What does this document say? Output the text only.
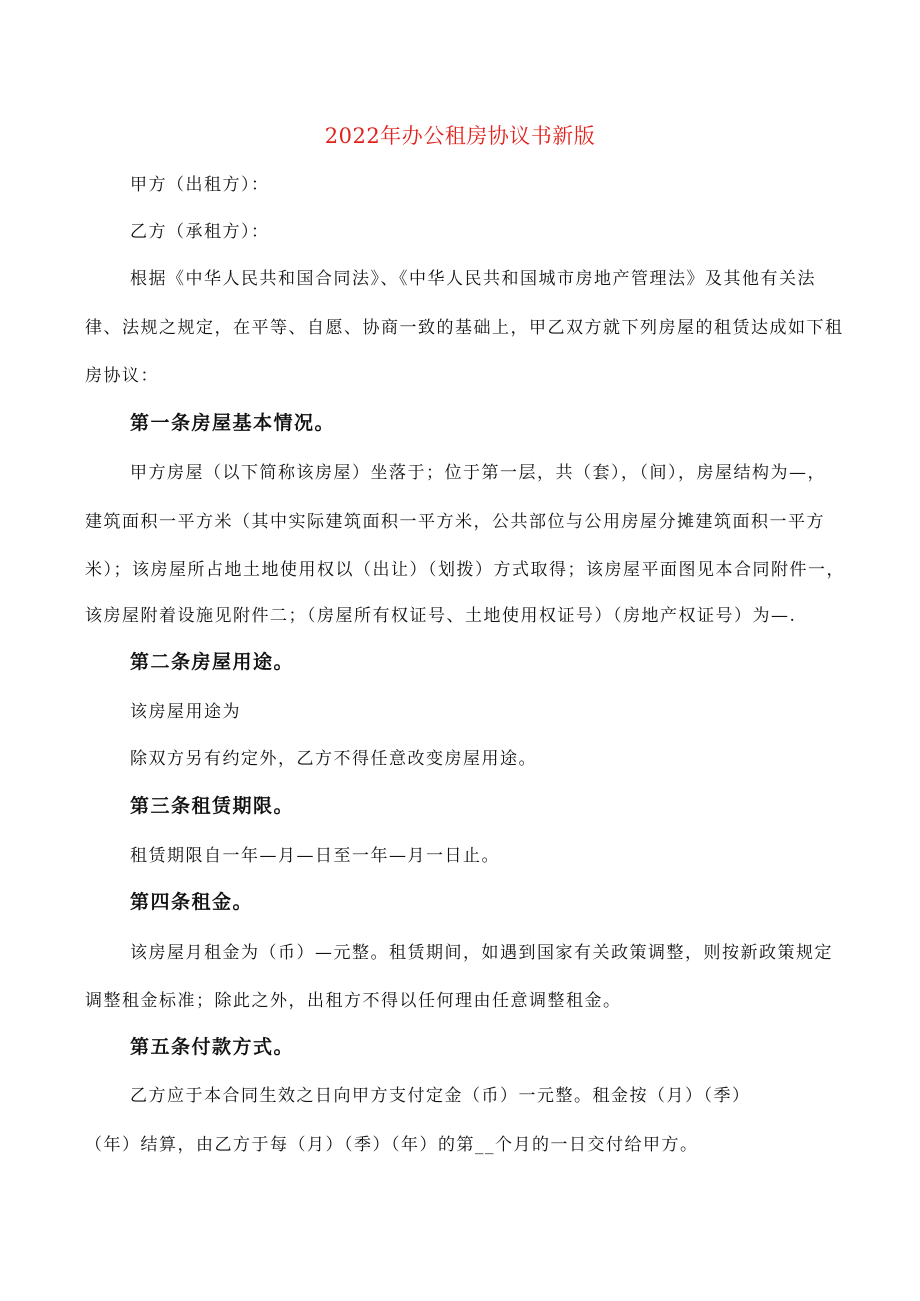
2022年办公租房协议书新版
甲方（出租方）：
乙方（承租方）：
根据《中华人民共和国合同法》、《中华人民共和国城市房地产管理法》及其他有关法
律、法规之规定，在平等、自愿、协商一致的基础上，甲乙双方就下列房屋的租赁达成如下租
房协议：
第一条房屋基本情况。
甲方房屋（以下简称该房屋）坐落于；位于第一层，共（套），（间），房屋结构为—，
建筑面积一平方米（其中实际建筑面积一平方米，公共部位与公用房屋分摊建筑面积一平方
米）；该房屋所占地土地使用权以（出让）（划拨）方式取得；该房屋平面图见本合同附件一，
该房屋附着设施见附件二；（房屋所有权证号、土地使用权证号）（房地产权证号）为—.
第二条房屋用途。
该房屋用途为
除双方另有约定外，乙方不得任意改变房屋用途。
第三条租赁期限。
租赁期限自一年—月—日至一年—月一日止。
第四条租金。
该房屋月租金为（币）—元整。租赁期间，如遇到国家有关政策调整，则按新政策规定
调整租金标准；除此之外，出租方不得以任何理由任意调整租金。
第五条付款方式。
乙方应于本合同生效之日向甲方支付定金（币）一元整。租金按（月）（季）
（年）结算，由乙方于每（月）（季）（年）的第__个月的一日交付给甲方。
